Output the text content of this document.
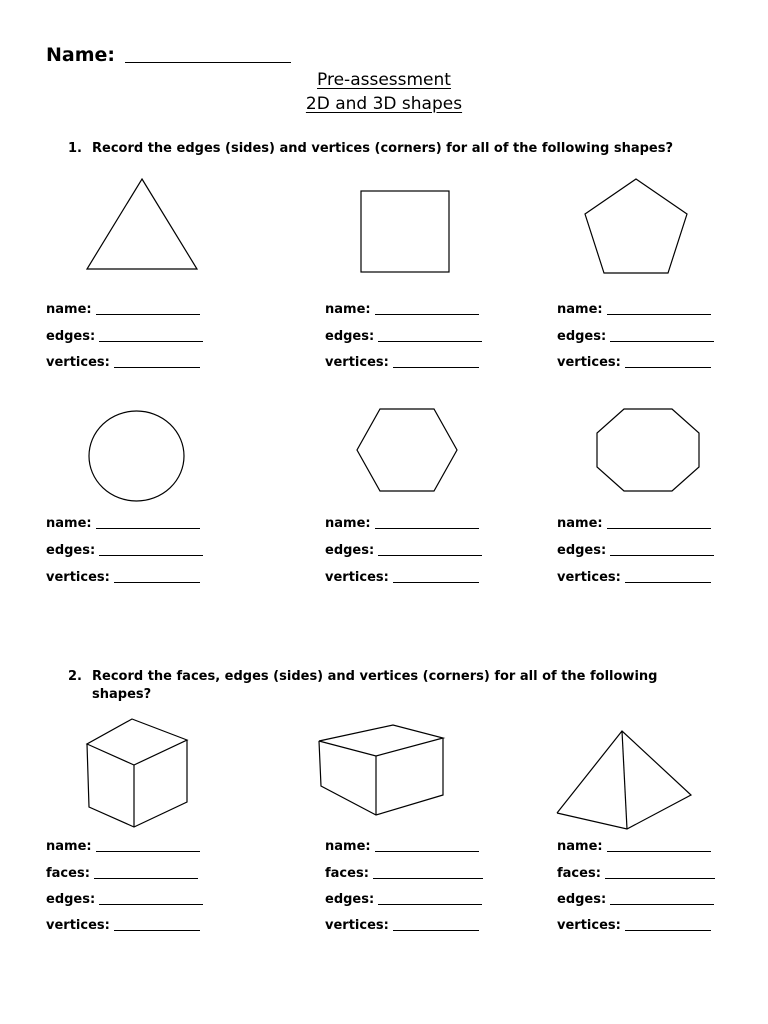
Name:
Pre-assessment
2D and 3D shapes
1. Record the edges (sides) and vertices (corners) for all of the following shapes?
name:
edges:
vertices:
name:
edges:
vertices:
name:
edges:
vertices:
name:
edges:
vertices:
name:
edges:
vertices:
name:
edges:
vertices:
2. Record the faces, edges (sides) and vertices (corners) for all of the following
shapes?
name:
faces:
edges:
vertices:
name:
faces:
edges:
vertices:
name:
faces:
edges:
vertices:
